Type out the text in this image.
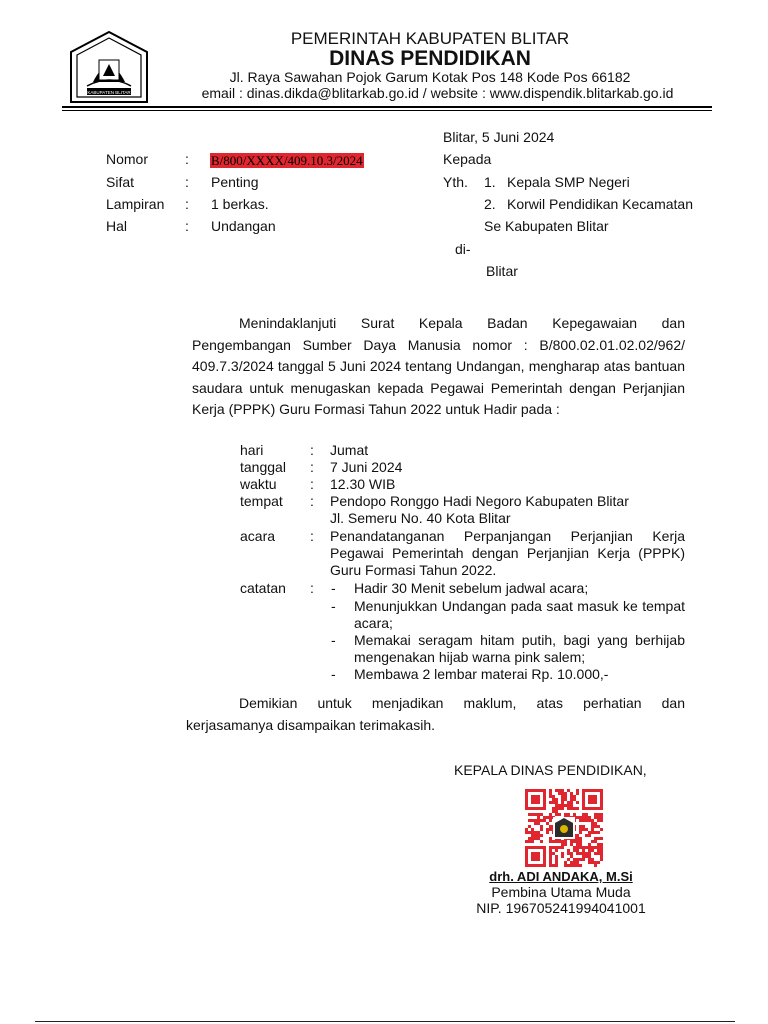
KABUPATEN BLITAR
PEMERINTAH KABUPATEN BLITAR
DINAS PENDIDIKAN
Jl. Raya Sawahan Pojok Garum Kotak Pos 148 Kode Pos 66182
email : dinas.dikda@blitarkab.go.id / website : www.dispendik.blitarkab.go.id
Blitar, 5 Juni 2024
Nomor	: B/800/XXXX/409.10.3/2024
Sifat	: Penting
Lampiran : 1 berkas.
Hal	: Undangan
Kepada
Yth. 1. Kepala SMP Negeri
2. Korwil Pendidikan Kecamatan
Se Kabupaten Blitar
di-
Blitar

Menindaklanjuti Surat Kepala Badan Kepegawaian dan

Pengembangan Sumber Daya Manusia nomor : B/800.02.01.02.02/962/ 409.7.3/2024 tanggal 5 Juni 2024 tentang Undangan, mengharap atas bantuan saudara untuk menugaskan kepada Pegawai Pemerintah dengan Perjanjian Kerja (PPPK) Guru Formasi Tahun 2022 untuk Hadir pada :

hari	: Jumat
tanggal : 7 Juni 2024
waktu : 12.30 WIB
tempat : Pendopo Ronggo Hadi Negoro Kabupaten Blitar
Jl. Semeru No. 40 Kota Blitar
acara : Penandatanganan Perpanjangan Perjanjian Kerja Pegawai Pemerintah dengan Perjanjian Kerja (PPPK) Guru Formasi Tahun 2022.
catatan : - Hadir 30 Menit sebelum jadwal acara;
- Menunjukkan Undangan pada saat masuk ke tempat acara;
- Memakai seragam hitam putih, bagi yang berhijab mengenakan hijab warna pink salem;
- Membawa 2 lembar materai Rp. 10.000,-

Demikian untuk menjadikan maklum, atas perhatian dan

kerjasamanya disampaikan terimakasih.
KEPALA DINAS PENDIDIKAN,
drh. ADI ANDAKA, M.Si
Pembina Utama Muda
NIP. 196705241994041001
